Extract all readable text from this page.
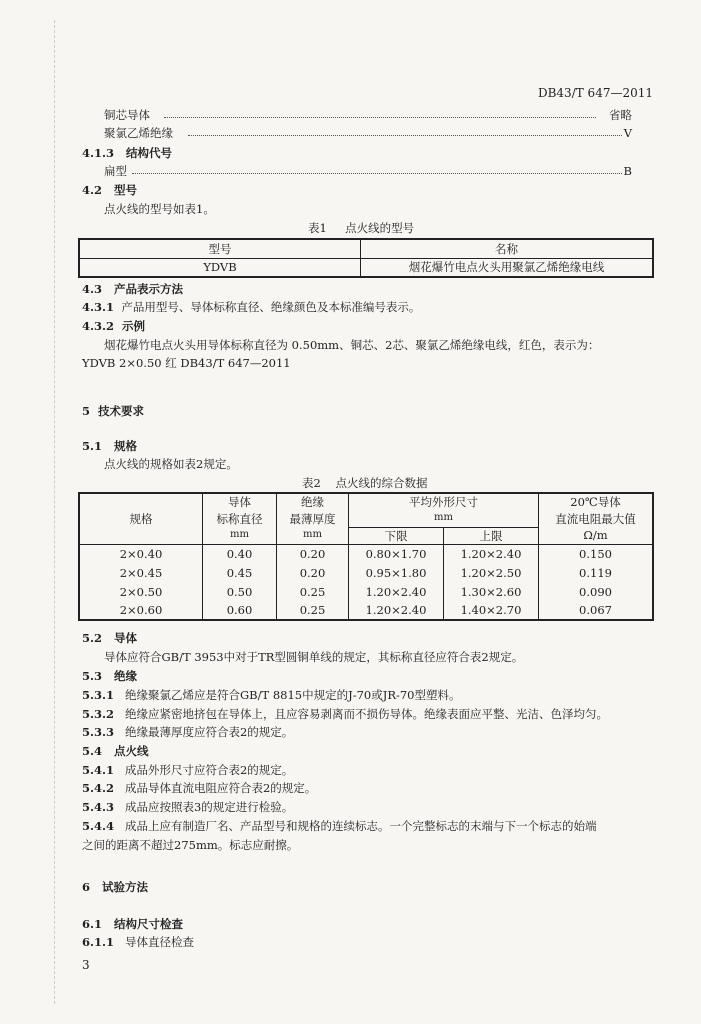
DB43/T 647—2011
铜芯导体	省略
聚氯乙烯绝缘	V
4.1.3 结构代号
扁型	B
4.2 型号
点火线的型号如表1。
表1 点火线的型号
型号	名称
YDVB	烟花爆竹电点火头用聚氯乙烯绝缘电线
4.3 产品表示方法
4.3.1 产品用型号、导体标称直径、绝缘颜色及本标准编号表示。
4.3.2 示例
烟花爆竹电点火头用导体标称直径为 0.50mm、铜芯、2芯、聚氯乙烯绝缘电线，红色，表示为：
YDVB 2×0.50 红 DB43/T 647—2011
5 技术要求
5.1 规格
点火线的规格如表2规定。
表2 点火线的综合数据
规格	导体	绝缘	平均外形尺寸		20℃导体
	标称直径	最薄厚度	mm		直流电阻最大值
	mm	mm	下限	上限	Ω/m
2×0.40	0.40	0.20	0.80×1.70	1.20×2.40	0.150
2×0.45	0.45	0.20	0.95×1.80	1.20×2.50	0.119
2×0.50	0.50	0.25	1.20×2.40	1.30×2.60	0.090
2×0.60	0.60	0.25	1.20×2.40	1.40×2.70	0.067
5.2 导体
导体应符合GB/T 3953中对于TR型圆铜单线的规定，其标称直径应符合表2规定。
5.3 绝缘
5.3.1 绝缘聚氯乙烯应是符合GB/T 8815中规定的J-70或JR-70型塑料。
5.3.2 绝缘应紧密地挤包在导体上，且应容易剥离而不损伤导体。绝缘表面应平整、光洁、色泽均匀。
5.3.3 绝缘最薄厚度应符合表2的规定。
5.4 点火线
5.4.1 成品外形尺寸应符合表2的规定。
5.4.2 成品导体直流电阻应符合表2的规定。
5.4.3 成品应按照表3的规定进行检验。
5.4.4 成品上应有制造厂名、产品型号和规格的连续标志。一个完整标志的末端与下一个标志的始端
之间的距离不超过275mm。标志应耐擦。
6 试验方法
6.1 结构尺寸检查
6.1.1 导体直径检查
3
